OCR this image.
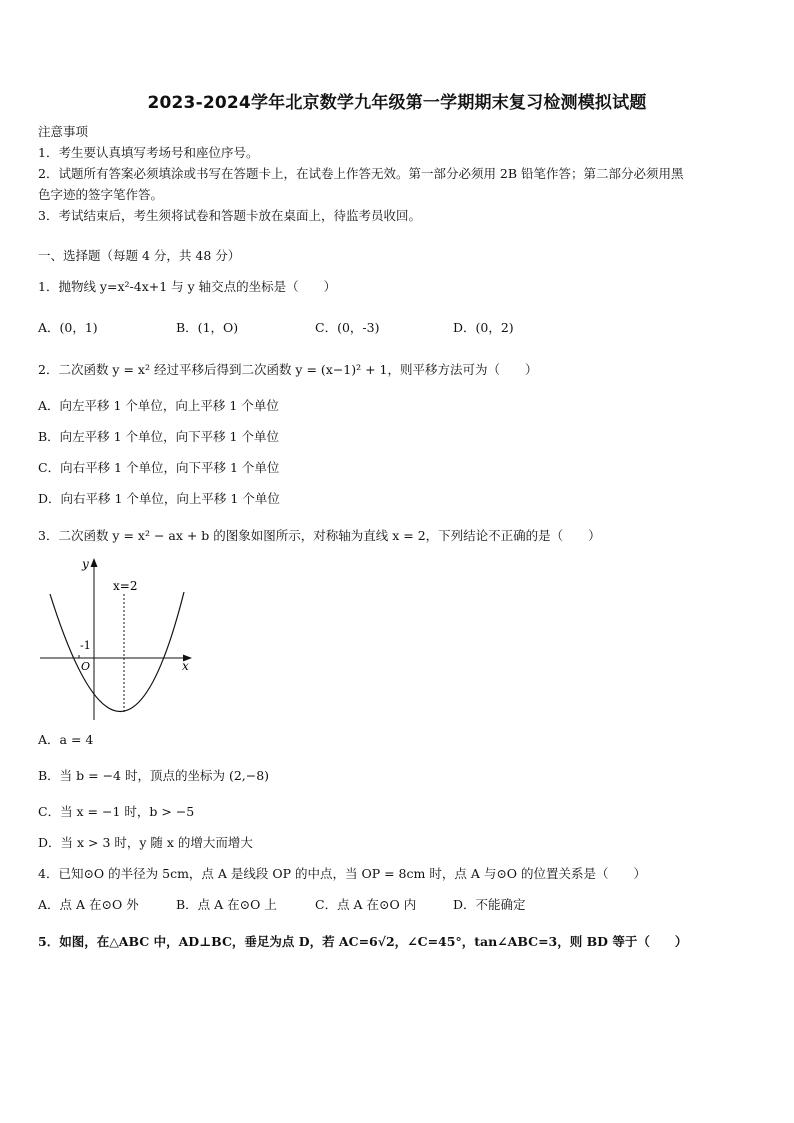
2023-2024学年北京数学九年级第一学期期末复习检测模拟试题
注意事项
1．考生要认真填写考场号和座位序号。
2．试题所有答案必须填涂或书写在答题卡上，在试卷上作答无效。第一部分必须用 2B 铅笔作答；第二部分必须用黑
色字迹的签字笔作答。
3．考试结束后，考生须将试卷和答题卡放在桌面上，待监考员收回。
一、选择题（每题 4 分，共 48 分）
1．抛物线 y=x²-4x+1 与 y 轴交点的坐标是（　　）
A．(0，1)	B．(1，O)	C．(0，-3)	D．(0，2)
2．二次函数 y = x² 经过平移后得到二次函数 y = (x−1)² + 1，则平移方法可为（　　）
A．向左平移 1 个单位，向上平移 1 个单位
B．向左平移 1 个单位，向下平移 1 个单位
C．向右平移 1 个单位，向下平移 1 个单位
D．向右平移 1 个单位，向上平移 1 个单位
3．二次函数 y = x² − ax + b 的图象如图所示，对称轴为直线 x = 2，下列结论不正确的是（　　）
y
x
x=2
-1
O
A．a = 4
B．当 b = −4 时，顶点的坐标为 (2,−8)
C．当 x = −1 时，b > −5
D．当 x > 3 时，y 随 x 的增大而增大
4．已知⊙O 的半径为 5cm，点 A 是线段 OP 的中点，当 OP = 8cm 时，点 A 与⊙O 的位置关系是（　　）
A．点 A 在⊙O 外	B．点 A 在⊙O 上	C．点 A 在⊙O 内	D．不能确定
5．如图，在△ABC 中，AD⊥BC，垂足为点 D，若 AC=6√2，∠C=45°，tan∠ABC=3，则 BD 等于（　　）
